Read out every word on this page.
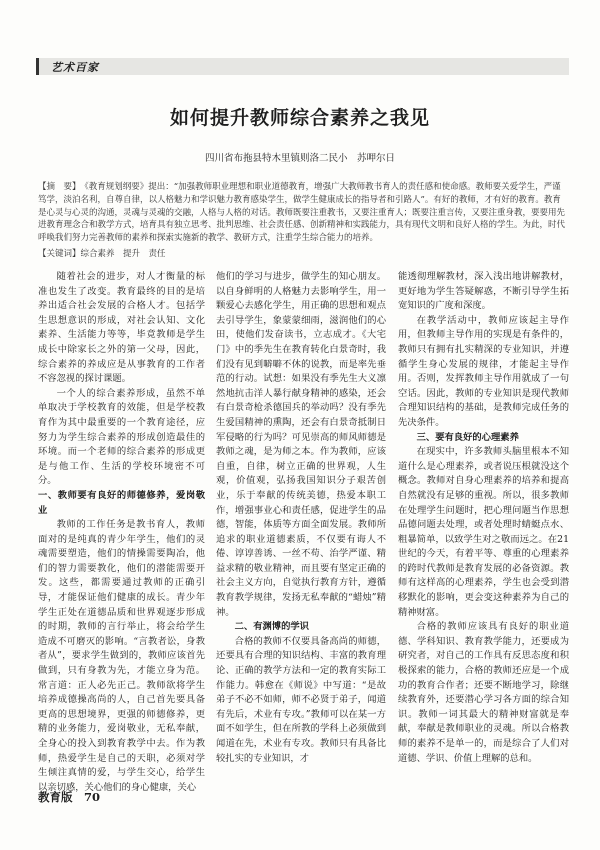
艺术百家
如何提升教师综合素养之我见
四川省布拖县特木里镇则洛二民小　苏呷尔日
【摘　要】 《教育规划纲要》提出：“加强教师职业理想和职业道德教育，增强广大教师教书育人的责任感和使命感。教师要关爱学生，严谨笃学，淡泊名利，自尊自律，以人格魅力和学识魅力教育感染学生，做学生健康成长的指导者和引路人”。有好的教师，才有好的教育。教育是心灵与心灵的沟通，灵魂与灵魂的交融，人格与人格的对话。教师既要注重教书，又要注重育人；既要注重言传，又要注重身教，要要用先进教育理念合和教学方式，培育具有独立思考、批判思维、社会责任感、创新精神和实践能力，具有现代文明和良好人格的学生。为此，时代呼唤我们努力完善教师的素养和探索实施新的教学、教研方式，注重学生综合能力的培养。
【关键词】综合素养　提升　责任

随着社会的进步，对人才衡量的标准也发生了改变。教育最终的目的是培养出适合社会发展的合格人才。包括学生思想意识的形成，对社会认知、文化素养、生活能力等等，毕竟教师是学生成长中除家长之外的第一父母，因此，综合素养的养成应是从事教育的工作者不容忽视的探讨课题。

一个人的综合素养形成，虽然不单单取决于学校教育的效能，但是学校教育作为其中最重要的一个教育途径，应努力为学生综合素养的形成创造最佳的环境。而一个老师的综合素养的形成更是与他工作、生活的学校环境密不可分。

一、教师要有良好的师德修养，爱岗敬业

教师的工作任务是教书育人，教师面对的是纯真的青少年学生，他们的灵魂需要塑造，他们的情操需要陶冶，他们的智力需要教化，他们的潜能需要开发。这些，都需要通过教师的正确引导，才能保证他们健康的成长。青少年学生正处在道德品质和世界观逐步形成的时期，教师的言行举止，将会给学生造成不可磨灭的影响。“言教者讼，身教者从”，要求学生做到的，教师应该首先做到，只有身教为先，才能立身为范。常言道：正人必先正己。教师欲将学生培养成德操高尚的人，自己首先要具备更高的思想境界，更强的师德修养，更精的业务能力，爱岗敬业，无私奉献，全身心的投入到教育教学中去。作为教师，热爱学生是自己的天职，必须对学生倾注真情的爱，与学生交心，给学生以亲切感，关心他们的身心健康，关心

他们的学习与进步，做学生的知心朋友。以自身鲜明的人格魅力去影响学生，用一颗爱心去感化学生，用正确的思想和观点去引导学生，象蒙蒙细雨，滋润他们的心田，使他们发奋读书，立志成才。《大宅门》中的季先生在教育转化白景奇时，我们没有见到噼噼不休的说教，而是率先垂范的行动。试想：如果没有季先生大义凛然地抗击洋人暴行献身精神的感染，还会有白景奇枪杀德国兵的举动吗？没有季先生爱国精神的熏陶，还会有白景奇抵制日军侵略的行为吗？可见崇高的师风师德是教师之魂，是为师之本。作为教师，应该自重，自律，树立正确的世界观，人生观，价值观，弘扬我国知识分子艰苦创业，乐于奉献的传统美德，热爱本职工作，增强事业心和责任感，促进学生的品德，智能，体质等方面全面发展。教师所追求的职业道德素质，不仅要有诲人不倦、谆谆善诱、一丝不苟、治学严谨、精益求精的敬业精神，而且要有坚定正确的社会主义方向，自觉执行教育方针，遵循教育教学规律，发扬无私奉献的“蜡烛”精神。

二、有渊博的学识

合格的教师不仅要具备高尚的师德，还要具有合理的知识结构、丰富的教育理论、正确的教学方法和一定的教育实际工作能力。韩愈在《师说》中写道：“是故弟子不必不如师，师不必贤于弟子，闻道有先后，术业有专攻。”教师可以在某一方面不如学生，但在所教的学科上必须做到闻道在先，术业有专攻。教师只有具备比较扎实的专业知识，才

能透彻理解教材，深入浅出地讲解教材，更好地为学生答疑解惑，不断引导学生拓宽知识的广度和深度。

在教学活动中，教师应该起主导作用，但教师主导作用的实现是有条件的，教师只有拥有扎实精深的专业知识，并遵循学生身心发展的规律，才能起主导作用。否则，发挥教师主导作用就成了一句空话。因此，教师的专业知识是现代教师合理知识结构的基础，是教师完成任务的先决条件。

三、要有良好的心理素养

在现实中，许多教师头脑里根本不知道什么是心理素养，或者说压根就没这个概念。教师对自身心理素养的培养和提高自然就没有足够的重视。所以，很多教师在处理学生问题时，把心理问题当作思想品德问题去处理，或者处理时蜻蜓点水、粗暴简单，以致学生对之敬而远之。在21世纪的今天，有着平等、尊重的心理素养的跨时代教师是教育发展的必备资源。教师有这样高的心理素养，学生也会受到潜移默化的影响，更会变这种素养为自己的精神财富。

合格的教师应该具有良好的职业道德、学科知识、教育教学能力，还要成为研究者，对自己的工作具有反思态度和积极探索的能力，合格的教师还应是一个成功的教育合作者；还要不断地学习，除继续教育外，还要潜心学习各方面的综合知识。教师一词其最大的精神财富就是奉献，奉献是教师职业的灵魂。所以合格教师的素养不是单一的，而是综合了人们对道德、学识、价值上理解的总和。

教育版　70
